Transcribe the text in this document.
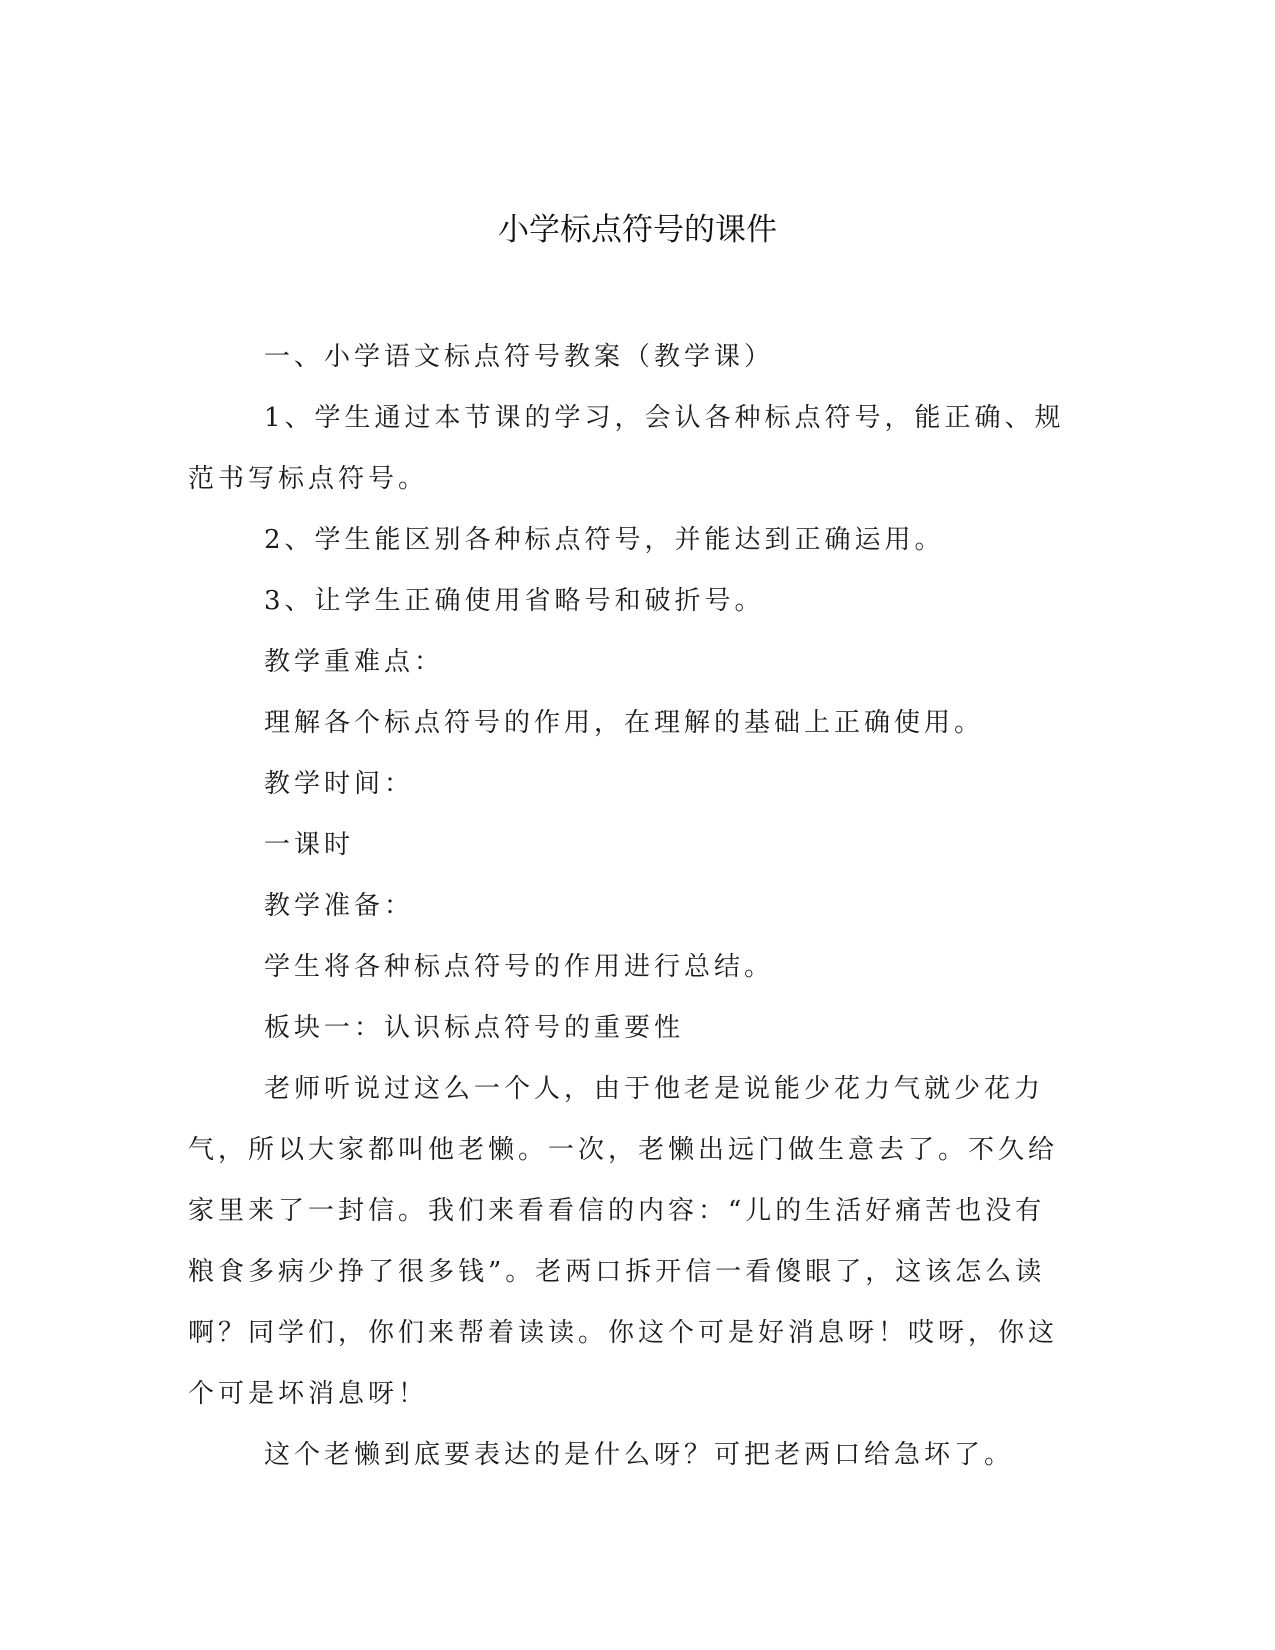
小学标点符号的课件

一、小学语文标点符号教案（教学课）

1、学生通过本节课的学习，会认各种标点符号，能正确、规范书写标点符号。

2、学生能区别各种标点符号，并能达到正确运用。

3、让学生正确使用省略号和破折号。

教学重难点：

理解各个标点符号的作用，在理解的基础上正确使用。

教学时间：

一课时

教学准备：

学生将各种标点符号的作用进行总结。

板块一：认识标点符号的重要性

老师听说过这么一个人，由于他老是说能少花力气就少花力气，所以大家都叫他老懒。一次，老懒出远门做生意去了。不久给家里来了一封信。我们来看看信的内容：“儿的生活好痛苦也没有粮食多病少挣了很多钱”。老两口拆开信一看傻眼了，这该怎么读啊？同学们，你们来帮着读读。你这个可是好消息呀！哎呀，你这个可是坏消息呀！

这个老懒到底要表达的是什么呀？可把老两口给急坏了。
